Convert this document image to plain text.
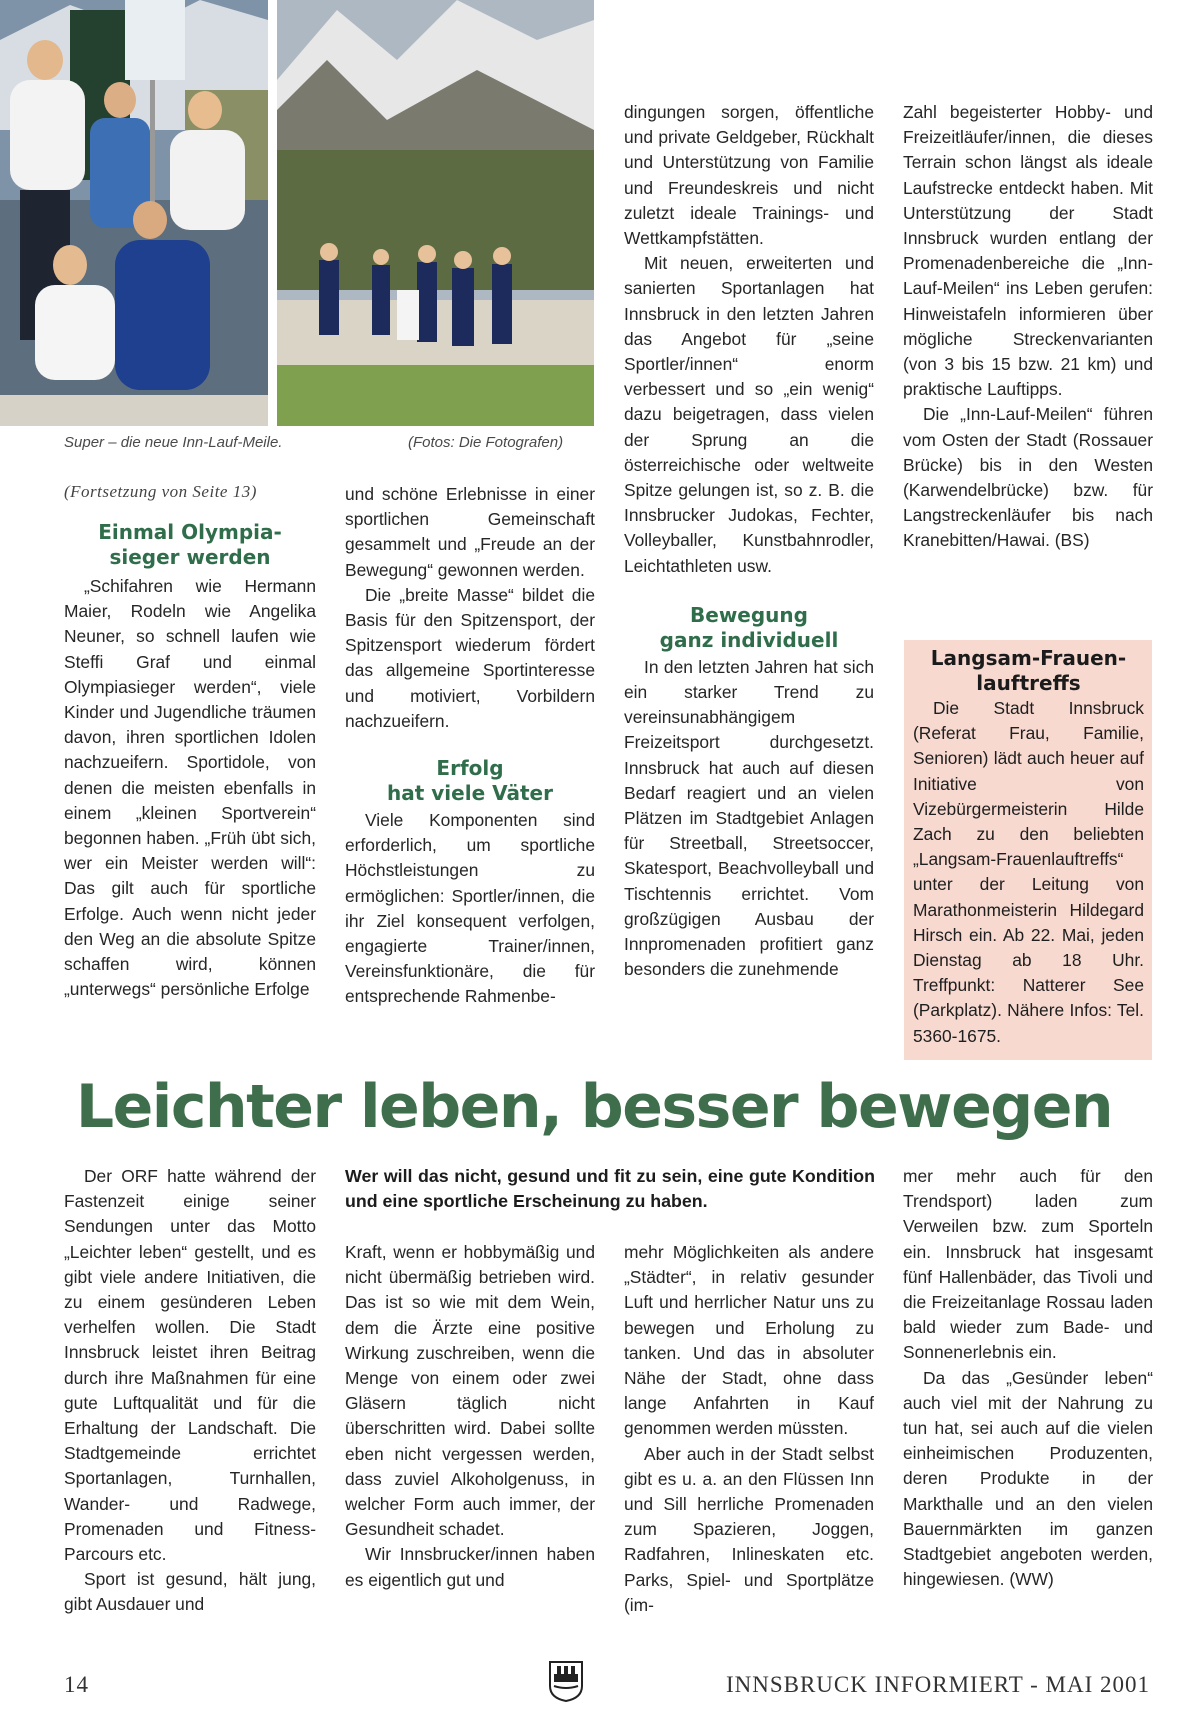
Super – die neue Inn-Lauf-Meile.	(Fotos: Die Fotografen)
(Fortsetzung von Seite 13)
Einmal Olympia-
sieger werden

„Schifahren wie Hermann Maier, Rodeln wie Angelika Neuner, so schnell laufen wie Steffi Graf und einmal Olympiasieger werden“, viele Kinder und Jugendliche träumen davon, ihren sportlichen Idolen nachzueifern. Sportidole, von denen die meisten ebenfalls in einem „kleinen Sportverein“ begonnen haben. „Früh übt sich, wer ein Meister werden will“: Das gilt auch für sportliche Erfolge. Auch wenn nicht jeder den Weg an die absolute Spitze schaffen wird, können „unterwegs“ persönliche Erfolge

und schöne Erlebnisse in einer sportlichen Gemeinschaft gesammelt und „Freude an der Bewegung“ gewonnen werden.

Die „breite Masse“ bildet die Basis für den Spitzensport, der Spitzensport wiederum fördert das allgemeine Sportinteresse und motiviert, Vorbildern nachzueifern.

Erfolg
hat viele Väter

Viele Komponenten sind erforderlich, um sportliche Höchstleistungen zu ermöglichen: Sportler/innen, die ihr Ziel konsequent verfolgen, engagierte Trainer/innen, Vereinsfunktionäre, die für entsprechende Rahmenbe-

dingungen sorgen, öffentliche und private Geldgeber, Rückhalt und Unterstützung von Familie und Freundeskreis und nicht zuletzt ideale Trainings- und Wettkampfstätten.

Mit neuen, erweiterten und sanierten Sportanlagen hat Innsbruck in den letzten Jahren das Angebot für „seine Sportler/innen“ enorm verbessert und so „ein wenig“ dazu beigetragen, dass vielen der Sprung an die österreichische oder weltweite Spitze gelungen ist, so z. B. die Innsbrucker Judokas, Fechter, Volleyballer, Kunstbahnrodler, Leichtathleten usw.

Bewegung
ganz individuell

In den letzten Jahren hat sich ein starker Trend zu vereinsunabhängigem Freizeitsport durchgesetzt. Innsbruck hat auch auf diesen Bedarf reagiert und an vielen Plätzen im Stadtgebiet Anlagen für Streetball, Streetsoccer, Skatesport, Beachvolleyball und Tischtennis errichtet. Vom großzügigen Ausbau der Innpromenaden profitiert ganz besonders die zunehmende

Zahl begeisterter Hobby- und Freizeitläufer/innen, die dieses Terrain schon längst als ideale Laufstrecke entdeckt haben. Mit Unterstützung der Stadt Innsbruck wurden entlang der Promenadenbereiche die „Inn-Lauf-Meilen“ ins Leben gerufen: Hinweistafeln informieren über mögliche Streckenvarianten (von 3 bis 15 bzw. 21 km) und praktische Lauftipps.

Die „Inn-Lauf-Meilen“ führen vom Osten der Stadt (Rossauer Brücke) bis in den Westen (Karwendelbrücke) bzw. für Langstreckenläufer bis nach Kranebitten/Hawai. (BS)

Langsam-Frauen-
lauftreffs

Die Stadt Innsbruck (Referat Frau, Familie, Senioren) lädt auch heuer auf Initiative von Vizebürgermeisterin Hilde Zach zu den beliebten „Langsam-Frauenlauftreffs“ unter der Leitung von Marathonmeisterin Hildegard Hirsch ein. Ab 22. Mai, jeden Dienstag ab 18 Uhr. Treffpunkt: Natterer See (Parkplatz). Nähere Infos: Tel. 5360-1675.

Leichter leben, besser bewegen

Der ORF hatte während der Fastenzeit einige seiner Sendungen unter das Motto „Leichter leben“ gestellt, und es gibt viele andere Initiativen, die zu einem gesünderen Leben verhelfen wollen. Die Stadt Innsbruck leistet ihren Beitrag durch ihre Maßnahmen für eine gute Luftqualität und für die Erhaltung der Landschaft. Die Stadtgemeinde errichtet Sportanlagen, Turnhallen, Wander- und Radwege, Promenaden und Fitness-Parcours etc.

Sport ist gesund, hält jung, gibt Ausdauer und

Wer will das nicht, gesund und fit zu sein, eine gute Kondition und eine sportliche Erscheinung zu haben.

Kraft, wenn er hobbymäßig und nicht übermäßig betrieben wird. Das ist so wie mit dem Wein, dem die Ärzte eine positive Wirkung zuschreiben, wenn die Menge von einem oder zwei Gläsern täglich nicht überschritten wird. Dabei sollte eben nicht vergessen werden, dass zuviel Alkoholgenuss, in welcher Form auch immer, der Gesundheit schadet.

Wir Innsbrucker/innen haben es eigentlich gut und

mehr Möglichkeiten als andere „Städter“, in relativ gesunder Luft und herrlicher Natur uns zu bewegen und Erholung zu tanken. Und das in absoluter Nähe der Stadt, ohne dass lange Anfahrten in Kauf genommen werden müssten.

Aber auch in der Stadt selbst gibt es u. a. an den Flüssen Inn und Sill herrliche Promenaden zum Spazieren, Joggen, Radfahren, Inlineskaten etc. Parks, Spiel- und Sportplätze (im-

mer mehr auch für den Trendsport) laden zum Verweilen bzw. zum Sporteln ein. Innsbruck hat insgesamt fünf Hallenbäder, das Tivoli und die Freizeitanlage Rossau laden bald wieder zum Bade- und Sonnenerlebnis ein.

Da das „Gesünder leben“ auch viel mit der Nahrung zu tun hat, sei auch auf die vielen einheimischen Produzenten, deren Produkte in der Markthalle und an den vielen Bauernmärkten im ganzen Stadtgebiet angeboten werden, hingewiesen. (WW)

14	INNSBRUCK INFORMIERT - MAI 2001
